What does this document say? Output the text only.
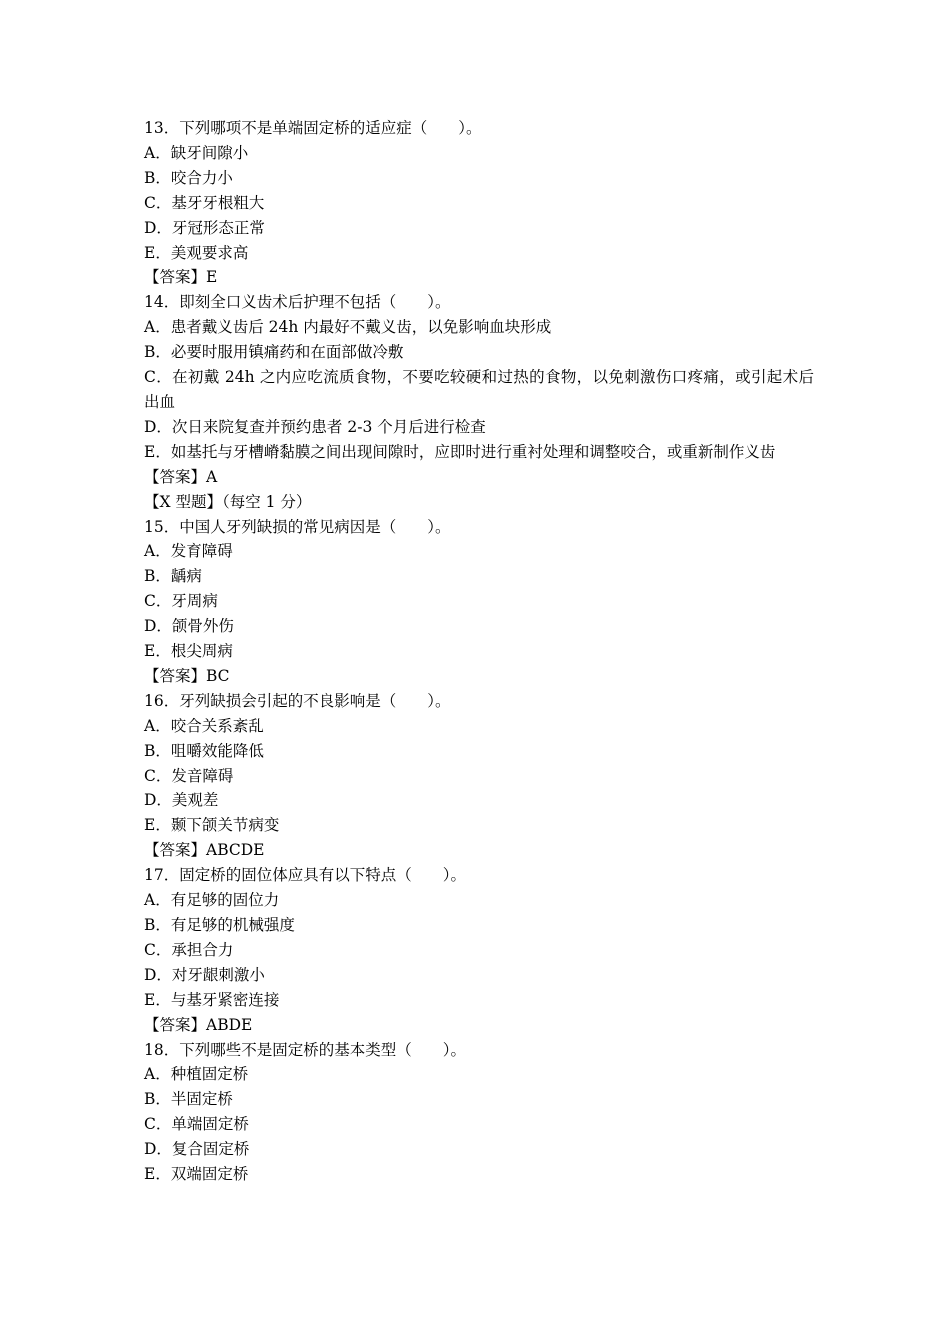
13．下列哪项不是单端固定桥的适应症（　　）。

A．缺牙间隙小

B．咬合力小

C．基牙牙根粗大

D．牙冠形态正常

E．美观要求高

【答案】E

14．即刻全口义齿术后护理不包括（　　）。

A．患者戴义齿后 24h 内最好不戴义齿，以免影响血块形成

B．必要时服用镇痛药和在面部做冷敷

C．在初戴 24h 之内应吃流质食物，不要吃较硬和过热的食物，以免刺激伤口疼痛，或引起术后出血

D．次日来院复查并预约患者 2-3 个月后进行检查

E．如基托与牙槽嵴黏膜之间出现间隙时，应即时进行重衬处理和调整咬合，或重新制作义齿

【答案】A

【X 型题】（每空 1 分）

15．中国人牙列缺损的常见病因是（　　）。

A．发育障碍

B．龋病

C．牙周病

D．颌骨外伤

E．根尖周病

【答案】BC

16．牙列缺损会引起的不良影响是（　　）。

A．咬合关系紊乱

B．咀嚼效能降低

C．发音障碍

D．美观差

E．颞下颌关节病变

【答案】ABCDE

17．固定桥的固位体应具有以下特点（　　）。

A．有足够的固位力

B．有足够的机械强度

C．承担合力

D．对牙龈刺激小

E．与基牙紧密连接

【答案】ABDE

18．下列哪些不是固定桥的基本类型（　　）。

A．种植固定桥

B．半固定桥

C．单端固定桥

D．复合固定桥

E．双端固定桥
